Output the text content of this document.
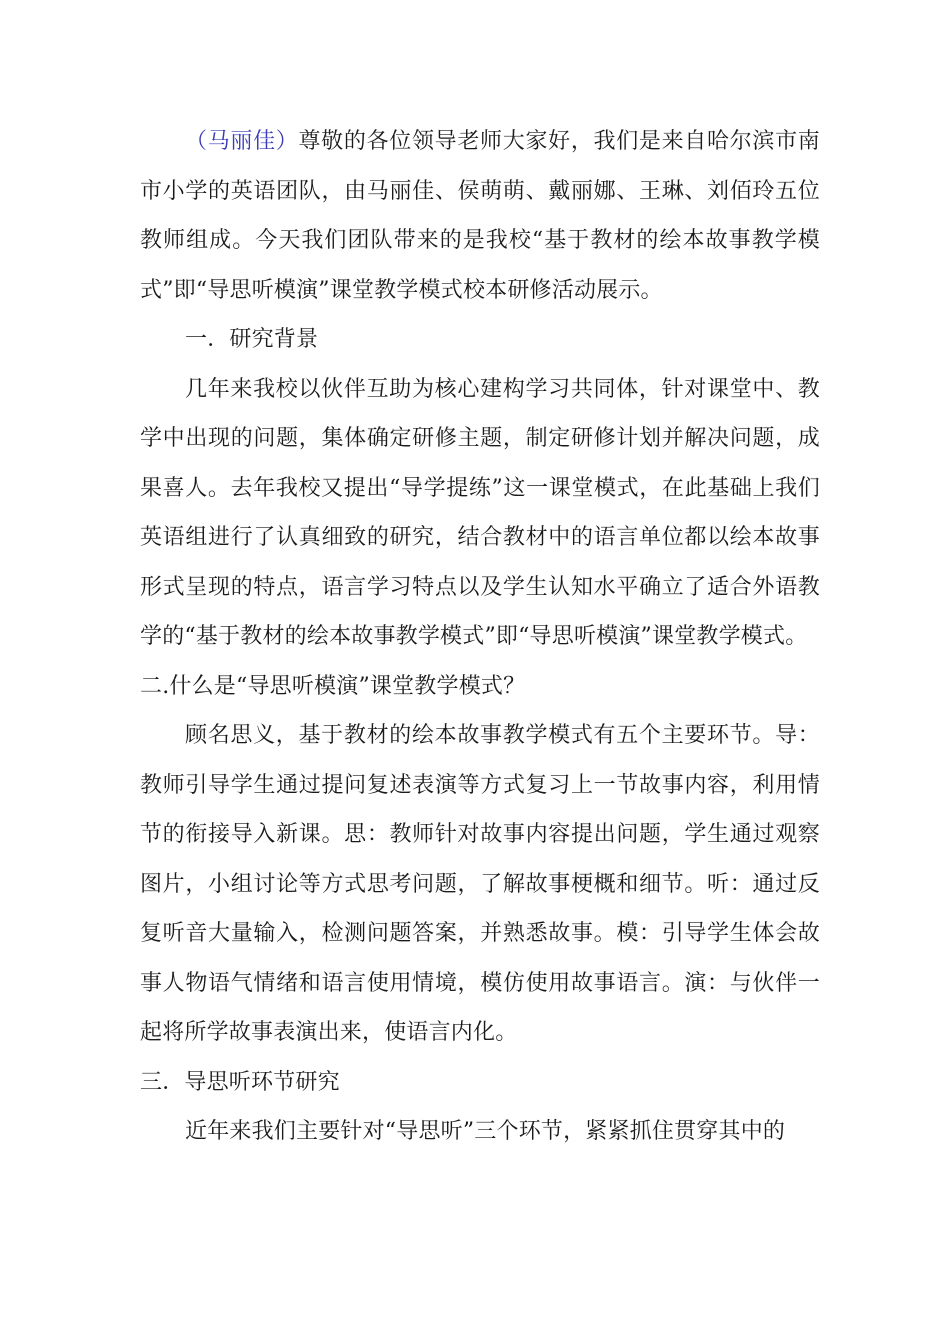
（马丽佳）尊敬的各位领导老师大家好，我们是来自哈尔滨市南市小学的英语团队，由马丽佳、侯萌萌、戴丽娜、王琳、刘佰玲五位教师组成。今天我们团队带来的是我校“基于教材的绘本故事教学模式”即“导思听模演”课堂教学模式校本研修活动展示。

一．研究背景

几年来我校以伙伴互助为核心建构学习共同体，针对课堂中、教学中出现的问题，集体确定研修主题，制定研修计划并解决问题，成果喜人。去年我校又提出“导学提练”这一课堂模式，在此基础上我们英语组进行了认真细致的研究，结合教材中的语言单位都以绘本故事形式呈现的特点，语言学习特点以及学生认知水平确立了适合外语教学的“基于教材的绘本故事教学模式”即“导思听模演”课堂教学模式。

二.什么是“导思听模演”课堂教学模式？

顾名思义，基于教材的绘本故事教学模式有五个主要环节。导：教师引导学生通过提问复述表演等方式复习上一节故事内容，利用情节的衔接导入新课。思：教师针对故事内容提出问题，学生通过观察图片，小组讨论等方式思考问题，了解故事梗概和细节。听：通过反复听音大量输入，检测问题答案，并熟悉故事。模：引导学生体会故事人物语气情绪和语言使用情境，模仿使用故事语言。演：与伙伴一起将所学故事表演出来，使语言内化。

三．导思听环节研究

近年来我们主要针对“导思听”三个环节，紧紧抓住贯穿其中的
